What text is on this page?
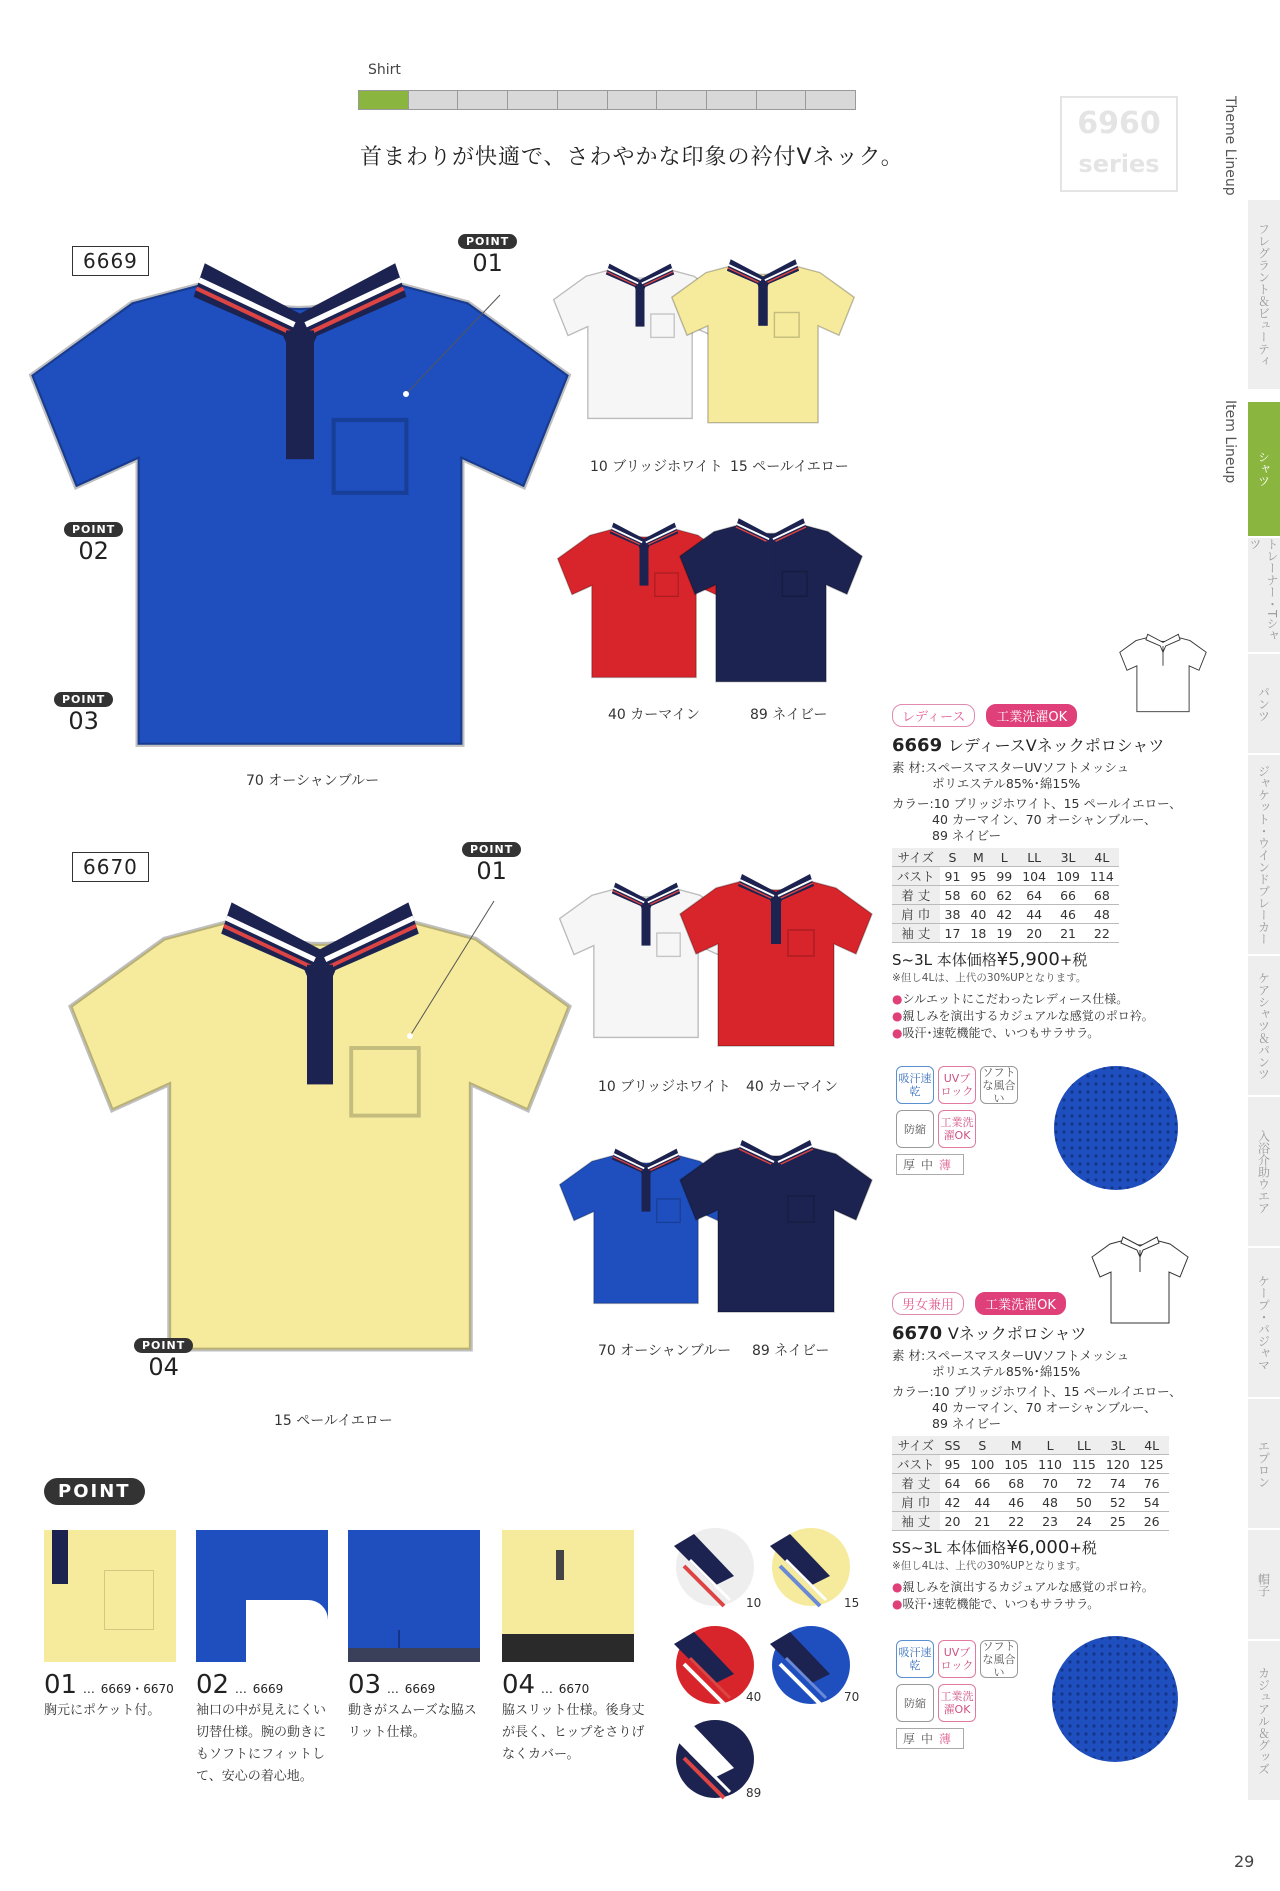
Shirt
首まわりが快適で、さわやかな印象の衿付Vネック。
6960
series	Theme Lineup
Item Lineup
フレグラント＆ビューティ
シャツ
トレーナー・Tシャツ
パンツ
ジャケット・ウインドブレーカー
ケアシャツ＆パンツ
入浴介助ウエア
ケープ・パジャマ
エプロン
帽子
カジュアル＆グッズ
6669
POINT
01
POINT
02
POINT
03
70 オーシャンブルー
10 ブリッジホワイト 15 ペールイエロー
40 カーマイン	89 ネイビー
6670
POINT
01
POINT
04
15 ペールイエロー
10 ブリッジホワイト 40 カーマイン
70 オーシャンブルー 89 ネイビー
レディース 工業洗濯OK
6669 レディースVネックポロシャツ
素 材:スペースマスターUVソフトメッシュ
ポリエステル85%･綿15%
カラー:10 ブリッジホワイト、15 ペールイエロー、
40 カーマイン、70 オーシャンブルー、
89 ネイビー
サイズ	S	M	L	LL	3L	4L
バスト	91	95	99	104	109	114
着 丈	58	60	62	64	66	68
肩 巾	38	40	42	44	46	48
袖 丈	17	18	19	20	21	22
S~3L 本体価格¥5,900+税
※但し4Lは、上代の30%UPとなります。
●シルエットにこだわったレディース仕様。
●親しみを演出するカジュアルな感覚のポロ衿。
●吸汗･速乾機能で、いつもサラサラ。
吸汗速乾
UVブロック
ソフトな風合い
防縮	工業洗濯OK
厚中薄
男女兼用 工業洗濯OK
6670 Vネックポロシャツ
素 材:スペースマスターUVソフトメッシュ
ポリエステル85%･綿15%
カラー:10 ブリッジホワイト、15 ペールイエロー、
40 カーマイン、70 オーシャンブルー、
89 ネイビー
サイズ	SS	S	M	L	LL	3L	4L
バスト	95	100	105	110	115	120	125
着 丈	64	66	68	70	72	74	76
肩 巾	42	44	46	48	50	52	54
袖 丈	20	21	22	23	24	25	26
SS~3L 本体価格¥6,000+税
※但し4Lは、上代の30%UPとなります。
●親しみを演出するカジュアルな感覚のポロ衿。
●吸汗･速乾機能で、いつもサラサラ。
吸汗速乾
UVブロック
ソフトな風合い
防縮	工業洗濯OK
厚中薄
POINT
01 … 6669・6670
胸元にポケット付。
02 … 6669
袖口の中が見えにくい
切替仕様。腕の動きに
もソフトにフィットし
て、安心の着心地。
03 … 6669
動きがスムーズな脇ス
リット仕様。
04 … 6670
脇スリット仕様。後身丈
が長く、ヒップをさりげ
なくカバー。
10	15
40	70
89
29
